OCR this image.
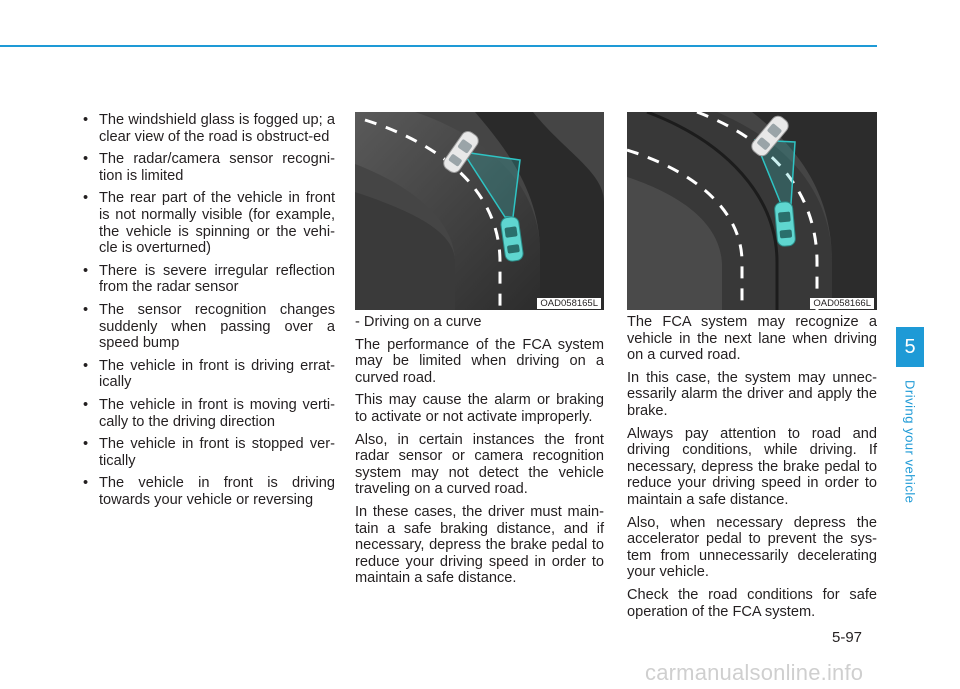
• The windshield glass is fogged up; a clear view of the road is obstruct-ed
• The radar/camera sensor recogni-tion is limited
• The rear part of the vehicle in front is not normally visible (for example, the vehicle is spinning or the vehi-cle is overturned)
• There is severe irregular reflection from the radar sensor
• The sensor recognition changes suddenly when passing over a speed bump
• The vehicle in front is driving errat-ically
• The vehicle in front is moving verti-cally to the driving direction
• The vehicle in front is stopped ver-tically
• The vehicle in front is driving towards your vehicle or reversing
OAD058165L

- Driving on a curve

The performance of the FCA system may be limited when driving on a curved road.

This may cause the alarm or braking to activate or not activate improperly.

Also, in certain instances the front radar sensor or camera recognition system may not detect the vehicle traveling on a curved road.

In these cases, the driver must main-tain a safe braking distance, and if necessary, depress the brake pedal to reduce your driving speed in order to maintain a safe distance.

OAD058166L

The FCA system may recognize a vehicle in the next lane when driving on a curved road.

In this case, the system may unnec-essarily alarm the driver and apply the brake.

Always pay attention to road and driving conditions, while driving. If necessary, depress the brake pedal to reduce your driving speed in order to maintain a safe distance.

Also, when necessary depress the accelerator pedal to prevent the sys-tem from unnecessarily decelerating your vehicle.

Check the road conditions for safe operation of the FCA system.

5
Driving your vehicle
5-97
carmanualsonline.info
